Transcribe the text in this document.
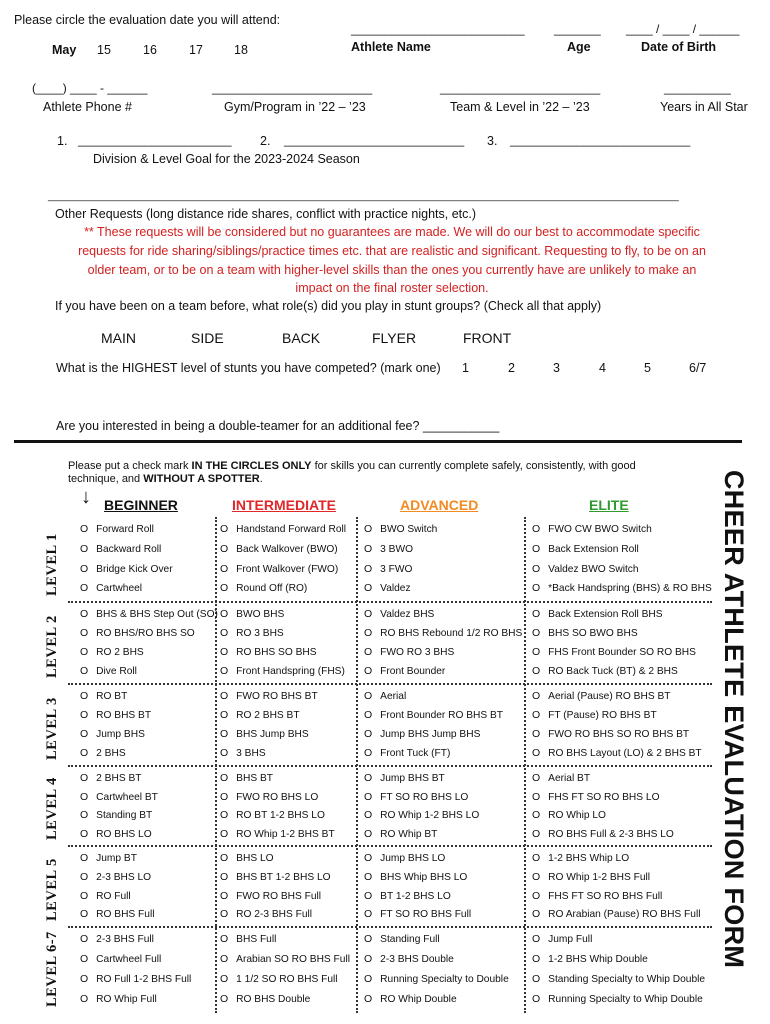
Please circle the evaluation date you will attend:
May 15	16	17 18
__________________________
Athlete Name
_______
Age
____ / ____ / ______
Date of Birth
(____) ____ - ______
Athlete Phone #
________________________
Gym/Program in ’22 – ’23
________________________
Team & Level in ’22 – ’23
__________
Years in All Star
1. _______________________ 2. ___________________________ 3. ___________________________
Division & Level Goal for the 2023-2024 Season
____________________________________________________________________________________________________________
Other Requests (long distance ride shares, conflict with practice nights, etc.)
** These requests will be considered but no guarantees are made. We will do our best to accommodate specific
requests for ride sharing/siblings/practice times etc. that are realistic and significant. Requesting to fly, to be on an
older team, or to be on a team with higher-level skills than the ones you currently have are unlikely to make an
impact on the final roster selection.
If you have been on a team before, what role(s) did you play in stunt groups? (Check all that apply)
MAIN	SIDE	BACK	FLYER	FRONT
What is the HIGHEST level of stunts you have competed? (mark one) 1	2	3	4	5	6/7
Are you interested in being a double-teamer for an additional fee? ___________
Please put a check mark IN THE CIRCLES ONLY for skills you can currently complete safely, consistently, with good
technique, and WITHOUT A SPOTTER.
↓ BEGINNER	INTERMEDIATE	ADVANCED	ELITE	CHEER ATHLETE EVALUATION FORM
LEVEL 1
O Forward Roll	O Handstand Forward Roll O BWO Switch	O FWO CW BWO Switch
O Backward Roll	O Back Walkover (BWO)	O 3 BWO	O Back Extension Roll
O Bridge Kick Over	O Front Walkover (FWO) O 3 FWO	O Valdez BWO Switch
O Cartwheel	O Round Off (RO)	O Valdez	O *Back Handspring (BHS) & RO BHS
LEVEL 2
O BHS & BHS Step Out (SO) O BWO BHS	O Valdez BHS	O Back Extension Roll BHS
O RO BHS/RO BHS SO O RO 3 BHS	O RO BHS Rebound 1/2 RO BHS O BHS SO BWO BHS
O RO 2 BHS	O RO BHS SO BHS	O FWO RO 3 BHS	O FHS Front Bounder SO RO BHS
O Dive Roll	O Front Handspring (FHS) O Front Bounder	O RO Back Tuck (BT) & 2 BHS
LEVEL 3
O RO BT	O FWO RO BHS BT	O Aerial	O Aerial (Pause) RO BHS BT
O RO BHS BT	O RO 2 BHS BT	O Front Bounder RO BHS BT	O FT (Pause) RO BHS BT
O Jump BHS	O BHS Jump BHS	O Jump BHS Jump BHS	O FWO RO BHS SO RO BHS BT
O 2 BHS	O 3 BHS	O Front Tuck (FT)	O RO BHS Layout (LO) & 2 BHS BT
LEVEL 4 O 2 BHS BT	O BHS BT	O Jump BHS BT	O Aerial BT
O Cartwheel BT	O FWO RO BHS LO	O FT SO RO BHS LO	O FHS FT SO RO BHS LO
O Standing BT	O RO BT 1-2 BHS LO	O RO Whip 1-2 BHS LO	O RO Whip LO
O RO BHS LO	O RO Whip 1-2 BHS BT	O RO Whip BT	O RO BHS Full & 2-3 BHS LO
LEVEL 5
O Jump BT	O BHS LO	O Jump BHS LO	O 1-2 BHS Whip LO
O 2-3 BHS LO	O BHS BT 1-2 BHS LO	O BHS Whip BHS LO	O RO Whip 1-2 BHS Full
O RO Full	O FWO RO BHS Full	O BT 1-2 BHS LO	O FHS FT SO RO BHS Full
O RO BHS Full	O RO 2-3 BHS Full	O FT SO RO BHS Full	O RO Arabian (Pause) RO BHS Full
LEVEL 6-7 O 2-3 BHS Full	O BHS Full	O Standing Full	O Jump Full
O Cartwheel Full	O Arabian SO RO BHS Full O 2-3 BHS Double	O 1-2 BHS Whip Double
O RO Full 1-2 BHS Full	O 1 1/2 SO RO BHS Full	O Running Specialty to Double O Standing Specialty to Whip Double
O RO Whip Full	O RO BHS Double	O RO Whip Double	O Running Specialty to Whip Double
